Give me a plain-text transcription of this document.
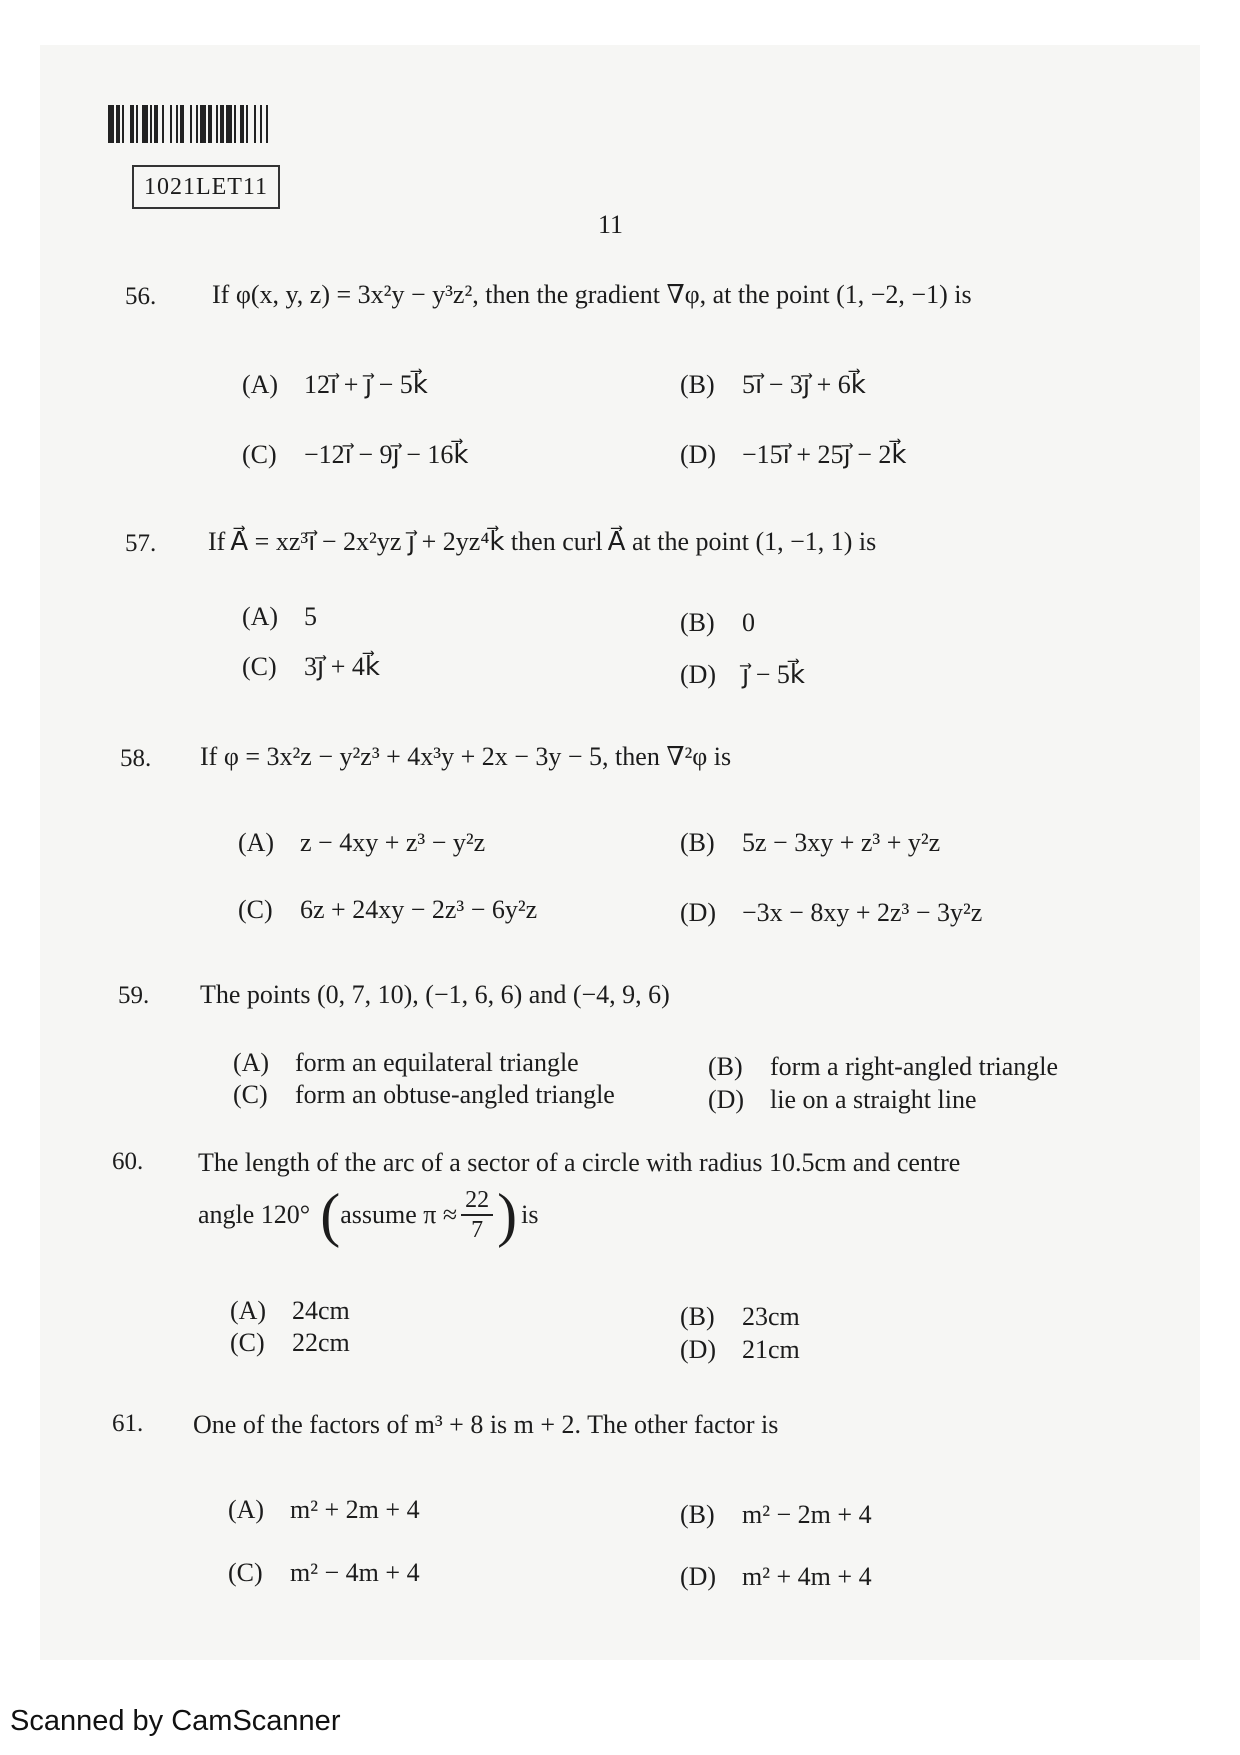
1021LET11
11
56. If φ(x, y, z) = 3x²y − y³z², then the gradient ∇φ, at the point (1, −2, −1) is
(A) 12i⃗ + j⃗ − 5k⃗	(B) 5i⃗ − 3j⃗ + 6k⃗
(C) −12i⃗ − 9j⃗ − 16k⃗	(D) −15i⃗ + 25j⃗ − 2k⃗
57. If A⃗ = xz³i⃗ − 2x²yz j⃗ + 2yz⁴k⃗ then curl A⃗ at the point (1, −1, 1) is
(A) 5	(B) 0
(C) 3j⃗ + 4k⃗	(D) j⃗ − 5k⃗
58. If φ = 3x²z − y²z³ + 4x³y + 2x − 3y − 5, then ∇²φ is
(A) z − 4xy + z³ − y²z	(B) 5z − 3xy + z³ + y²z
(C) 6z + 24xy − 2z³ − 6y²z	(D) −3x − 8xy + 2z³ − 3y²z
59. The points (0, 7, 10), (−1, 6, 6) and (−4, 9, 6)
(A) form an equilateral triangle	(B) form a right-angled triangle
(C) form an obtuse-angled triangle	(D) lie on a straight line
60. The length of the arc of a sector of a circle with radius 10.5cm and centre
angle 120° ( assume $\pi \approx \frac{22}{7}$ ) is
(A) 24cm	(B) 23cm
(C) 22cm	(D) 21cm
61. One of the factors of m³ + 8 is m + 2. The other factor is
(A) m² + 2m + 4	(B) m² − 2m + 4
(C) m² − 4m + 4	(D) m² + 4m + 4
Scanned by CamScanner
